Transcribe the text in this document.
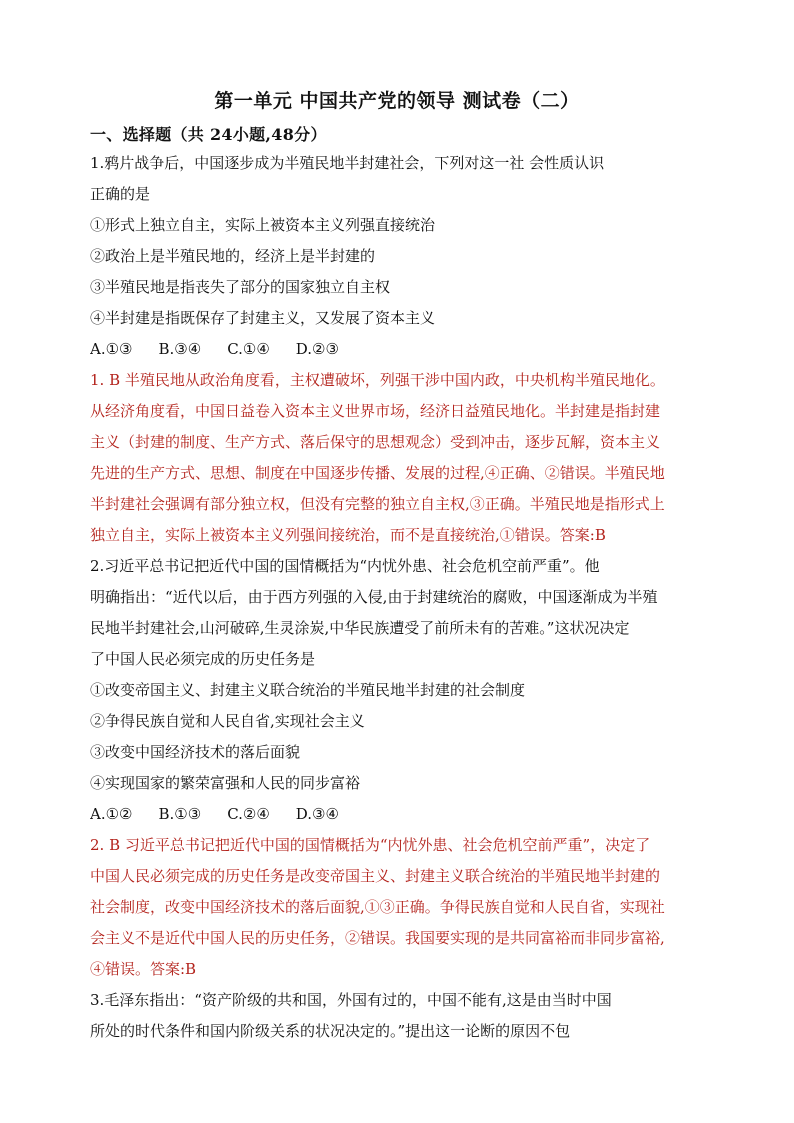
第一单元 中国共产党的领导 测试卷（二）
一、选择题（共 24小题,48分）
1.鸦片战争后，中国逐步成为半殖民地半封建社会，下列对这一社 会性质认识
正确的是
①形式上独立自主，实际上被资本主义列强直接统治
②政治上是半殖民地的，经济上是半封建的
③半殖民地是指丧失了部分的国家独立自主权
④半封建是指既保存了封建主义，又发展了资本主义
A.①③ B.③④ C.①④ D.②③
1. B 半殖民地从政治角度看，主权遭破坏，列强干涉中国内政，中央机构半殖民地化。
从经济角度看，中国日益卷入资本主义世界市场，经济日益殖民地化。半封建是指封建
主义（封建的制度、生产方式、落后保守的思想观念）受到冲击，逐步瓦解，资本主义
先进的生产方式、思想、制度在中国逐步传播、发展的过程,④正确、②错误。半殖民地
半封建社会强调有部分独立权，但没有完整的独立自主权,③正确。半殖民地是指形式上
独立自主，实际上被资本主义列强间接统治，而不是直接统治,①错误。答案:B
2.习近平总书记把近代中国的国情概括为“内忧外患、社会危机空前严重”。他
明确指出：“近代以后，由于西方列强的入侵,由于封建统治的腐败，中国逐渐成为半殖
民地半封建社会,山河破碎,生灵涂炭,中华民族遭受了前所未有的苦难。”这状况决定
了中国人民必须完成的历史任务是
①改变帝国主义、封建主义联合统治的半殖民地半封建的社会制度
②争得民族自觉和人民自省,实现社会主义
③改变中国经济技术的落后面貌
④实现国家的繁荣富强和人民的同步富裕
A.①② B.①③ C.②④ D.③④
2. B 习近平总书记把近代中国的国情概括为“内忧外患、社会危机空前严重”，决定了
中国人民必须完成的历史任务是改变帝国主义、封建主义联合统治的半殖民地半封建的
社会制度，改变中国经济技术的落后面貌,①③正确。争得民族自觉和人民自省，实现社
会主义不是近代中国人民的历史任务，②错误。我国要实现的是共同富裕而非同步富裕,
④错误。答案:B
3.毛泽东指出：“资产阶级的共和国，外国有过的，中国不能有,这是由当时中国
所处的时代条件和国内阶级关系的状况决定的。”提出这一论断的原因不包
